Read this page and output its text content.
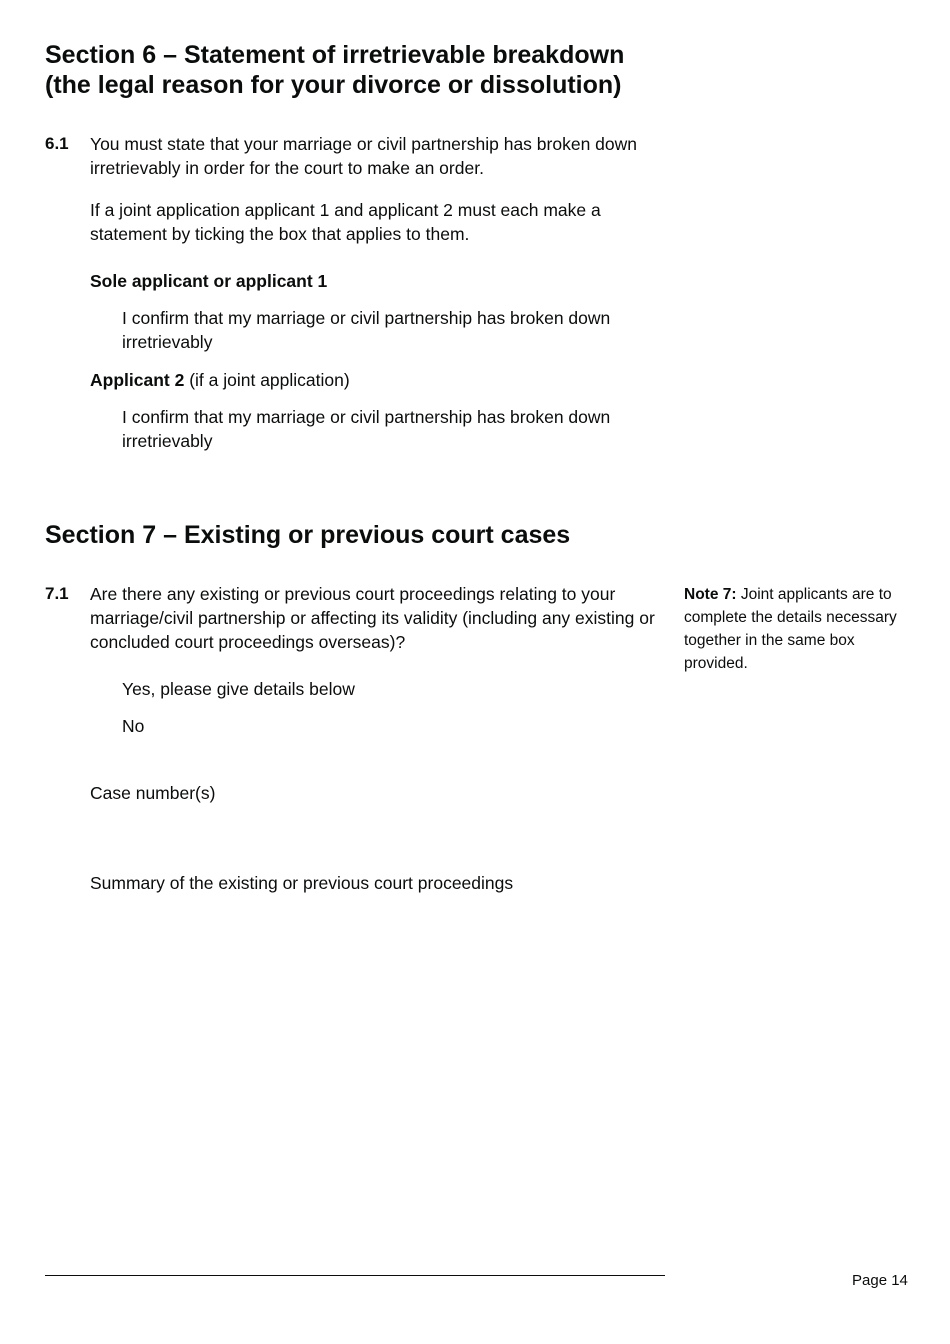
Section 6 – Statement of irretrievable breakdown
(the legal reason for your divorce or dissolution)
6.1 You must state that your marriage or civil partnership has broken down irretrievably in order for the court to make an order.
If a joint application applicant 1 and applicant 2 must each make a statement by ticking the box that applies to them.
Sole applicant or applicant 1
I confirm that my marriage or civil partnership has broken down irretrievably
Applicant 2 (if a joint application)
I confirm that my marriage or civil partnership has broken down irretrievably
Section 7 – Existing or previous court cases
7.1 Are there any existing or previous court proceedings relating to your marriage/civil partnership or affecting its validity (including any existing or concluded court proceedings overseas)?
Note 7: Joint applicants are to complete the details necessary together in the same box provided.
Yes, please give details below
No
Case number(s)
Summary of the existing or previous court proceedings
Page 14
